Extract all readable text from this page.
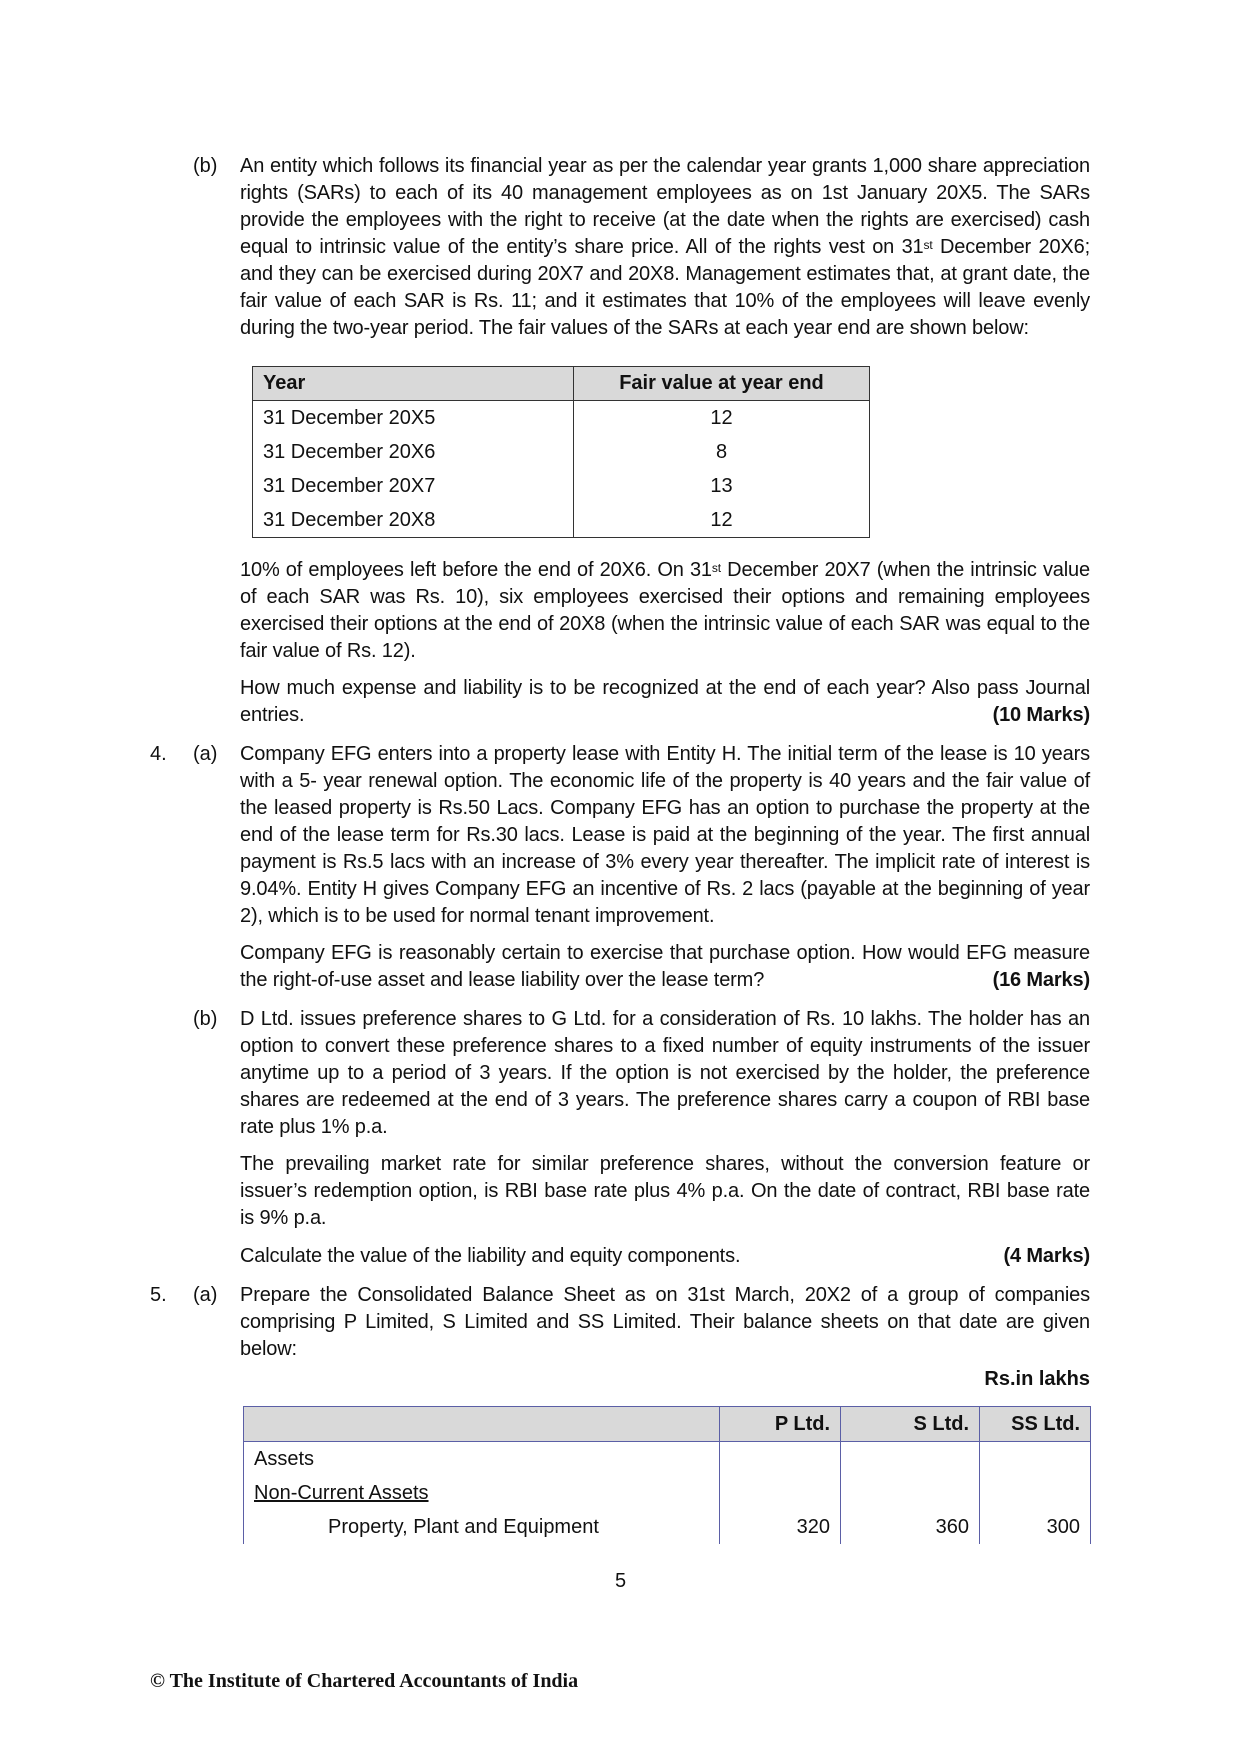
(b) An entity which follows its financial year as per the calendar year grants 1,000 share appreciation rights (SARs) to each of its 40 management employees as on 1st January 20X5. The SARs provide the employees with the right to receive (at the date when the rights are exercised) cash equal to intrinsic value of the entity’s share price. All of the rights vest on 31st December 20X6; and they can be exercised during 20X7 and 20X8. Management estimates that, at grant date, the fair value of each SAR is Rs. 11; and it estimates that 10% of the employees will leave evenly during the two-year period. The fair values of the SARs at each year end are shown below:
Year	Fair value at year end
31 December 20X5	12
31 December 20X6	8
31 December 20X7	13
31 December 20X8	12
10% of employees left before the end of 20X6. On 31st December 20X7 (when the intrinsic value of each SAR was Rs. 10), six employees exercised their options and remaining employees exercised their options at the end of 20X8 (when the intrinsic value of each SAR was equal to the fair value of Rs. 12).
How much expense and liability is to be recognized at the end of each year? Also pass Journal entries.	(10 Marks)
4. (a) Company EFG enters into a property lease with Entity H. The initial term of the lease is 10 years with a 5- year renewal option. The economic life of the property is 40 years and the fair value of the leased property is Rs.50 Lacs. Company EFG has an option to purchase the property at the end of the lease term for Rs.30 lacs. Lease is paid at the beginning of the year. The first annual payment is Rs.5 lacs with an increase of 3% every year thereafter. The implicit rate of interest is 9.04%. Entity H gives Company EFG an incentive of Rs. 2 lacs (payable at the beginning of year 2), which is to be used for normal tenant improvement.
Company EFG is reasonably certain to exercise that purchase option. How would EFG measure the right-of-use asset and lease liability over the lease term?	(16 Marks)
(b) D Ltd. issues preference shares to G Ltd. for a consideration of Rs. 10 lakhs. The holder has an option to convert these preference shares to a fixed number of equity instruments of the issuer anytime up to a period of 3 years. If the option is not exercised by the holder, the preference shares are redeemed at the end of 3 years. The preference shares carry a coupon of RBI base rate plus 1% p.a.
The prevailing market rate for similar preference shares, without the conversion feature or issuer’s redemption option, is RBI base rate plus 4% p.a. On the date of contract, RBI base rate is 9% p.a.
Calculate the value of the liability and equity components.	(4 Marks)
5. (a) Prepare the Consolidated Balance Sheet as on 31st March, 20X2 of a group of companies comprising P Limited, S Limited and SS Limited. Their balance sheets on that date are given below:
Rs.in lakhs
	P Ltd.	S Ltd.	SS Ltd.
Assets			
Non-Current Assets			
Property, Plant and Equipment	320	360	300
5
© The Institute of Chartered Accountants of India
